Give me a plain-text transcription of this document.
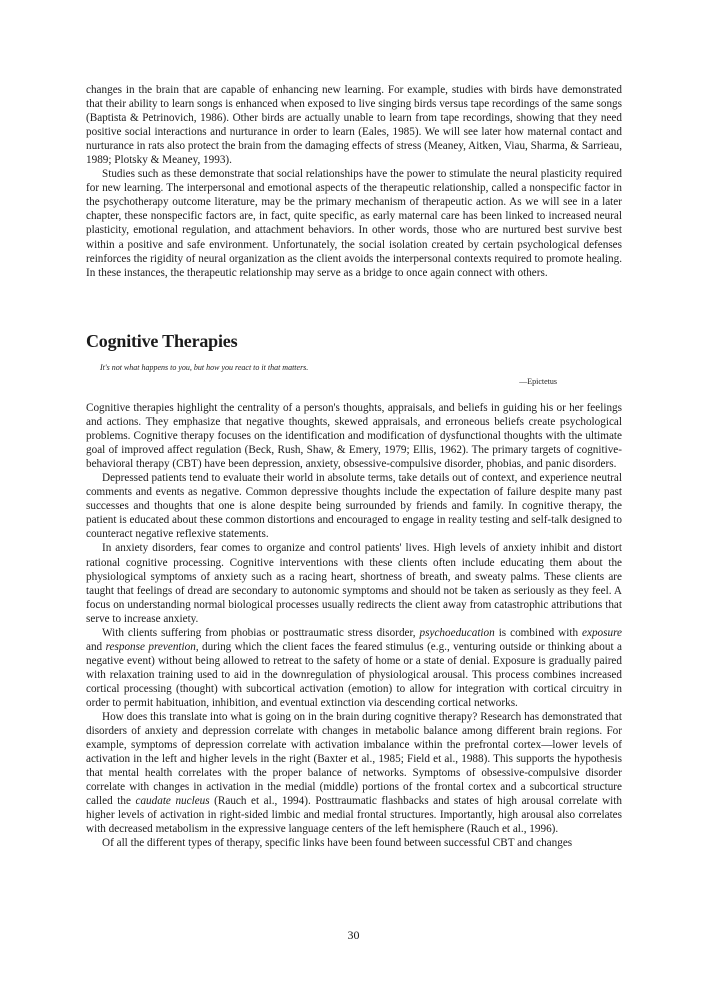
changes in the brain that are capable of enhancing new learning. For example, studies with birds have demonstrated that their ability to learn songs is enhanced when exposed to live singing birds versus tape recordings of the same songs (Baptista & Petrinovich, 1986). Other birds are actually unable to learn from tape recordings, showing that they need positive social interactions and nurturance in order to learn (Eales, 1985). We will see later how maternal contact and nurturance in rats also protect the brain from the damaging effects of stress (Meaney, Aitken, Viau, Sharma, & Sarrieau, 1989; Plotsky & Meaney, 1993).

Studies such as these demonstrate that social relationships have the power to stimulate the neural plasticity required for new learning. The interpersonal and emotional aspects of the therapeutic relationship, called a nonspecific factor in the psychotherapy outcome literature, may be the primary mechanism of therapeutic action. As we will see in a later chapter, these nonspecific factors are, in fact, quite specific, as early maternal care has been linked to increased neural plasticity, emotional regulation, and attachment behaviors. In other words, those who are nurtured best survive best within a positive and safe environment. Unfortunately, the social isolation created by certain psychological defenses reinforces the rigidity of neural organization as the client avoids the interpersonal contexts required to promote healing. In these instances, the therapeutic relationship may serve as a bridge to once again connect with others.

Cognitive Therapies
It's not what happens to you, but how you react to it that matters.
—Epictetus

Cognitive therapies highlight the centrality of a person's thoughts, appraisals, and beliefs in guiding his or her feelings and actions. They emphasize that negative thoughts, skewed appraisals, and erroneous beliefs create psychological problems. Cognitive therapy focuses on the identification and modification of dysfunctional thoughts with the ultimate goal of improved affect regulation (Beck, Rush, Shaw, & Emery, 1979; Ellis, 1962). The primary targets of cognitive-behavioral therapy (CBT) have been depression, anxiety, obsessive-compulsive disorder, phobias, and panic disorders.

Depressed patients tend to evaluate their world in absolute terms, take details out of context, and experience neutral comments and events as negative. Common depressive thoughts include the expectation of failure despite many past successes and thoughts that one is alone despite being surrounded by friends and family. In cognitive therapy, the patient is educated about these common distortions and encouraged to engage in reality testing and self-talk designed to counteract negative reflexive statements.

In anxiety disorders, fear comes to organize and control patients' lives. High levels of anxiety inhibit and distort rational cognitive processing. Cognitive interventions with these clients often include educating them about the physiological symptoms of anxiety such as a racing heart, shortness of breath, and sweaty palms. These clients are taught that feelings of dread are secondary to autonomic symptoms and should not be taken as seriously as they feel. A focus on understanding normal biological processes usually redirects the client away from catastrophic attributions that serve to increase anxiety.

With clients suffering from phobias or posttraumatic stress disorder, psychoeducation is combined with exposure and response prevention, during which the client faces the feared stimulus (e.g., venturing outside or thinking about a negative event) without being allowed to retreat to the safety of home or a state of denial. Exposure is gradually paired with relaxation training used to aid in the downregulation of physiological arousal. This process combines increased cortical processing (thought) with subcortical activation (emotion) to allow for integration with cortical circuitry in order to permit habituation, inhibition, and eventual extinction via descending cortical networks.

How does this translate into what is going on in the brain during cognitive therapy? Research has demonstrated that disorders of anxiety and depression correlate with changes in metabolic balance among different brain regions. For example, symptoms of depression correlate with activation imbalance within the prefrontal cortex—lower levels of activation in the left and higher levels in the right (Baxter et al., 1985; Field et al., 1988). This supports the hypothesis that mental health correlates with the proper balance of networks. Symptoms of obsessive-compulsive disorder correlate with changes in activation in the medial (middle) portions of the frontal cortex and a subcortical structure called the caudate nucleus (Rauch et al., 1994). Posttraumatic flashbacks and states of high arousal correlate with higher levels of activation in right-sided limbic and medial frontal structures. Importantly, high arousal also correlates with decreased metabolism in the expressive language centers of the left hemisphere (Rauch et al., 1996).

Of all the different types of therapy, specific links have been found between successful CBT and changes

30
